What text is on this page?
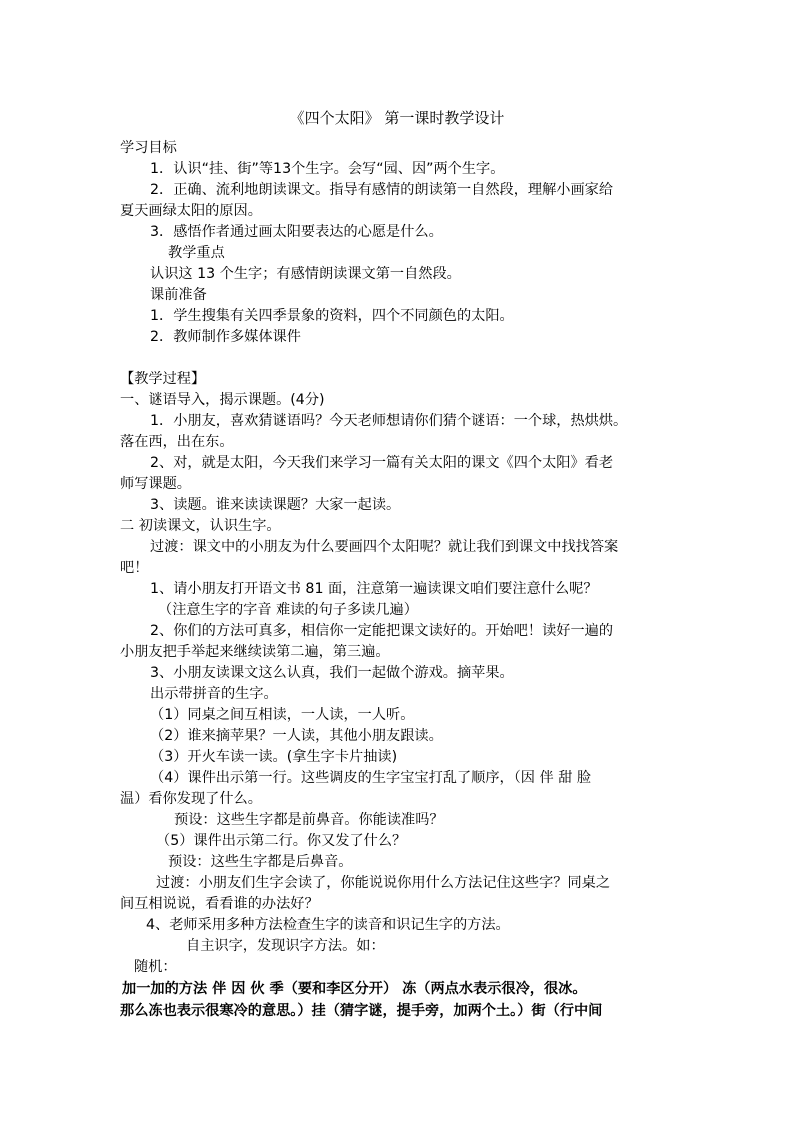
《四个太阳》 第一课时教学设计
学习目标
1．认识“挂、街”等13个生字。会写“园、因”两个生字。
2．正确、流利地朗读课文。指导有感情的朗读第一自然段，理解小画家给
夏天画绿太阳的原因。
3．感悟作者通过画太阳要表达的心愿是什么。
教学重点
认识这 13 个生字；有感情朗读课文第一自然段。
课前准备
1．学生搜集有关四季景象的资料，四个不同颜色的太阳。
2．教师制作多媒体课件
【教学过程】
一、谜语导入，揭示课题。(4分)
1．小朋友，喜欢猜谜语吗？今天老师想请你们猜个谜语：一个球，热烘烘。
落在西，出在东。
2、对，就是太阳，今天我们来学习一篇有关太阳的课文《四个太阳》看老
师写课题。
3、读题。谁来读读课题？大家一起读。
二 初读课文，认识生字。
过渡：课文中的小朋友为什么要画四个太阳呢？就让我们到课文中找找答案
吧！
1、请小朋友打开语文书 81 面，注意第一遍读课文咱们要注意什么呢？
（注意生字的字音 难读的句子多读几遍）
2、你们的方法可真多，相信你一定能把课文读好的。开始吧！读好一遍的
小朋友把手举起来继续读第二遍，第三遍。
3、小朋友读课文这么认真，我们一起做个游戏。摘苹果。
出示带拼音的生字。
（1）同桌之间互相读，一人读，一人听。
（2）谁来摘苹果？一人读，其他小朋友跟读。
（3）开火车读一读。(拿生字卡片抽读)
（4）课件出示第一行。这些调皮的生字宝宝打乱了顺序，（因 伴 甜 脸
温）看你发现了什么。
预设：这些生字都是前鼻音。你能读准吗？
（5）课件出示第二行。你又发了什么？
预设：这些生字都是后鼻音。
过渡：小朋友们生字会读了，你能说说你用什么方法记住这些字？同桌之
间互相说说，看看谁的办法好？
4、老师采用多种方法检查生字的读音和识记生字的方法。
自主识字，发现识字方法。如：
随机：
加一加的方法 伴 因 伙 季（要和李区分开） 冻（两点水表示很冷，很冰。
那么冻也表示很寒冷的意思。）挂（猜字谜，提手旁，加两个土。）街（行中间
